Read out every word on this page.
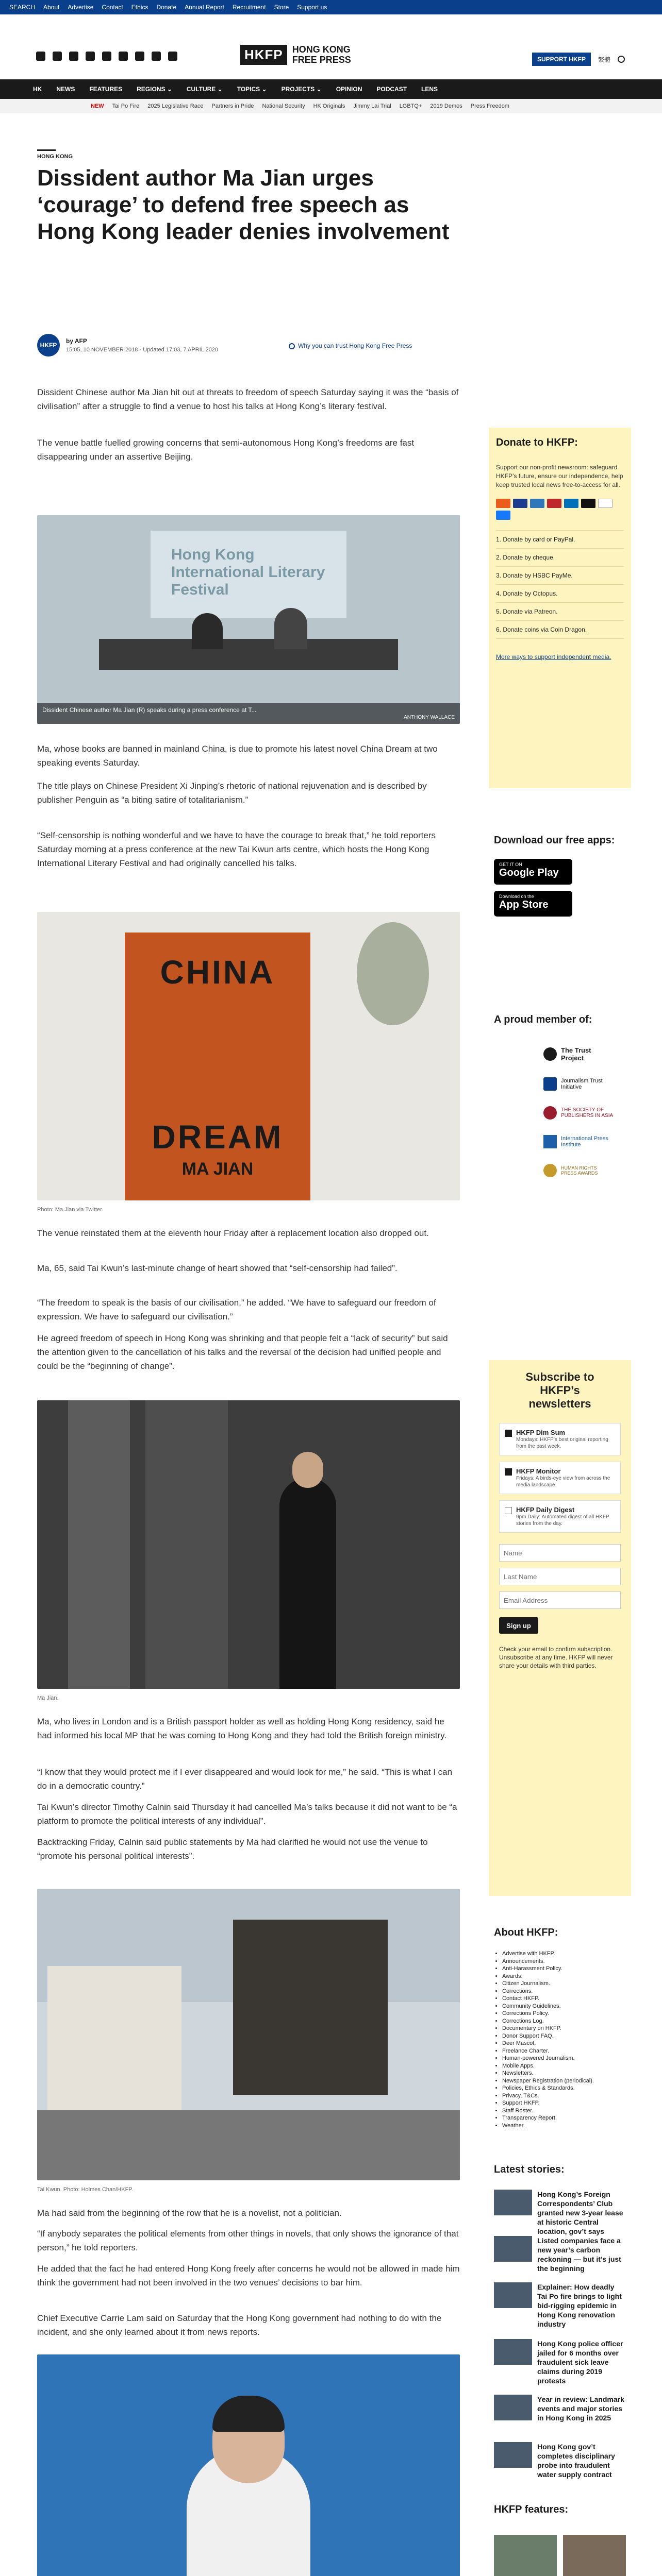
SEARCH About Advertise Contact Ethics Donate Annual Report Recruitment Store Support us
HKFP	HONG KONG
FREE PRESS	SUPPORT HKFP	繁體
HK NEWS FEATURES REGIONS ⌄ CULTURE ⌄ TOPICS ⌄ PROJECTS ⌄ OPINION PODCAST LENS
NEW Tai Po Fire 2025 Legislative Race Partners in Pride National Security HK Originals Jimmy Lai Trial LGBTQ+ 2019 Demos Press Freedom
HONG KONG
Dissident author Ma Jian urges ‘courage’ to defend free speech as Hong Kong leader denies involvement
HKFP
by AFP
15:05, 10 NOVEMBER 2018 · Updated 17:03, 7 APRIL 2020
Why you can trust Hong Kong Free Press

Dissident Chinese author Ma Jian hit out at threats to freedom of speech Saturday saying it was the “basis of civilisation” after a struggle to find a venue to host his talks at Hong Kong’s literary festival.

The venue battle fuelled growing concerns that semi-autonomous Hong Kong’s freedoms are fast disappearing under an assertive Beijing.

Hong Kong International Literary Festival
Dissident Chinese author Ma Jian (R) speaks during a press conference at T...
ANTHONY WALLACE

Ma, whose books are banned in mainland China, is due to promote his latest novel China Dream at two speaking events Saturday.

The title plays on Chinese President Xi Jinping’s rhetoric of national rejuvenation and is described by publisher Penguin as “a biting satire of totalitarianism.”

“Self-censorship is nothing wonderful and we have to have the courage to break that,” he told reporters Saturday morning at a press conference at the new Tai Kwun arts centre, which hosts the Hong Kong International Literary Festival and had originally cancelled his talks.

CHINA
DREAM
MA JIAN
Photo: Ma Jian via Twitter.

The venue reinstated them at the eleventh hour Friday after a replacement location also dropped out.

Ma, 65, said Tai Kwun’s last-minute change of heart showed that “self-censorship had failed”.

“The freedom to speak is the basis of our civilisation,” he added. “We have to safeguard our freedom of expression. We have to safeguard our civilisation.”

He agreed freedom of speech in Hong Kong was shrinking and that people felt a “lack of security” but said the attention given to the cancellation of his talks and the reversal of the decision had unified people and could be the “beginning of change”.

Ma Jian.

Ma, who lives in London and is a British passport holder as well as holding Hong Kong residency, said he had informed his local MP that he was coming to Hong Kong and they had told the British foreign ministry.

“I know that they would protect me if I ever disappeared and would look for me,” he said. “This is what I can do in a democratic country.”

Tai Kwun’s director Timothy Calnin said Thursday it had cancelled Ma’s talks because it did not want to be “a platform to promote the political interests of any individual”.

Backtracking Friday, Calnin said public statements by Ma had clarified he would not use the venue to “promote his personal political interests”.

Tai Kwun. Photo: Holmes Chan/HKFP.

Ma had said from the beginning of the row that he is a novelist, not a politician.

“If anybody separates the political elements from other things in novels, that only shows the ignorance of that person,” he told reporters.

He added that the fact he had entered Hong Kong freely after concerns he would not be allowed in made him think the government had not been involved in the two venues’ decisions to bar him.

Chief Executive Carrie Lam said on Saturday that the Hong Kong government had nothing to do with the incident, and she only learned about it from news reports.

Donate to HKFP:
Support our non-profit newsroom: safeguard HKFP’s future, ensure our independence, help keep trusted local news free-to-access for all.
1. Donate by card or PayPal.
2. Donate by cheque.
3. Donate by HSBC PayMe.
4. Donate by Octopus.
5. Donate via Patreon.
6. Donate coins via Coin Dragon.
More ways to support independent media.
Download our free apps:
GET IT ON
Google Play
Download on the
App Store
A proud member of:
The Trust Project
Journalism Trust Initiative
THE SOCIETY OF PUBLISHERS IN ASIA
International Press Institute
HUMAN RIGHTS PRESS AWARDS
Subscribe to HKFP’s newsletters
HKFP Dim Sum
Mondays: HKFP’s best original reporting from the past week.
HKFP Monitor
Fridays: A birds-eye view from across the media landscape.
HKFP Daily Digest
9pm Daily: Automated digest of all HKFP stories from the day.
Name
Last Name
Email Address
Sign up
Check your email to confirm subscription. Unsubscribe at any time. HKFP will never share your details with third parties.
About HKFP:
• Advertise with HKFP.
• Announcements.
• Anti-Harassment Policy.
• Awards.
• Citizen Journalism.
• Corrections.
• Contact HKFP.
• Community Guidelines.
• Corrections Policy.
• Corrections Log.
• Documentary on HKFP.
• Donor Support FAQ.
• Deer Mascot.
• Freelance Charter.
• Human-powered Journalism.
• Mobile Apps.
• Newsletters.
• Newspaper Registration (periodical).
• Policies, Ethics & Standards.
• Privacy, T&Cs.
• Support HKFP.
• Staff Roster.
• Transparency Report.
• Weather.
Latest stories:
Hong Kong’s Foreign Correspondents’ Club granted new 3-year lease at historic Central location, gov’t says
Listed companies face a new year’s carbon reckoning — but it’s just the beginning
Explainer: How deadly Tai Po fire brings to light bid-rigging epidemic in Hong Kong renovation industry
Hong Kong police officer jailed for 6 months over fraudulent sick leave claims during 2019 protests
Year in review: Landmark events and major stories in Hong Kong in 2025
Hong Kong gov’t completes disciplinary probe into fraudulent water supply contract
HKFP features:
